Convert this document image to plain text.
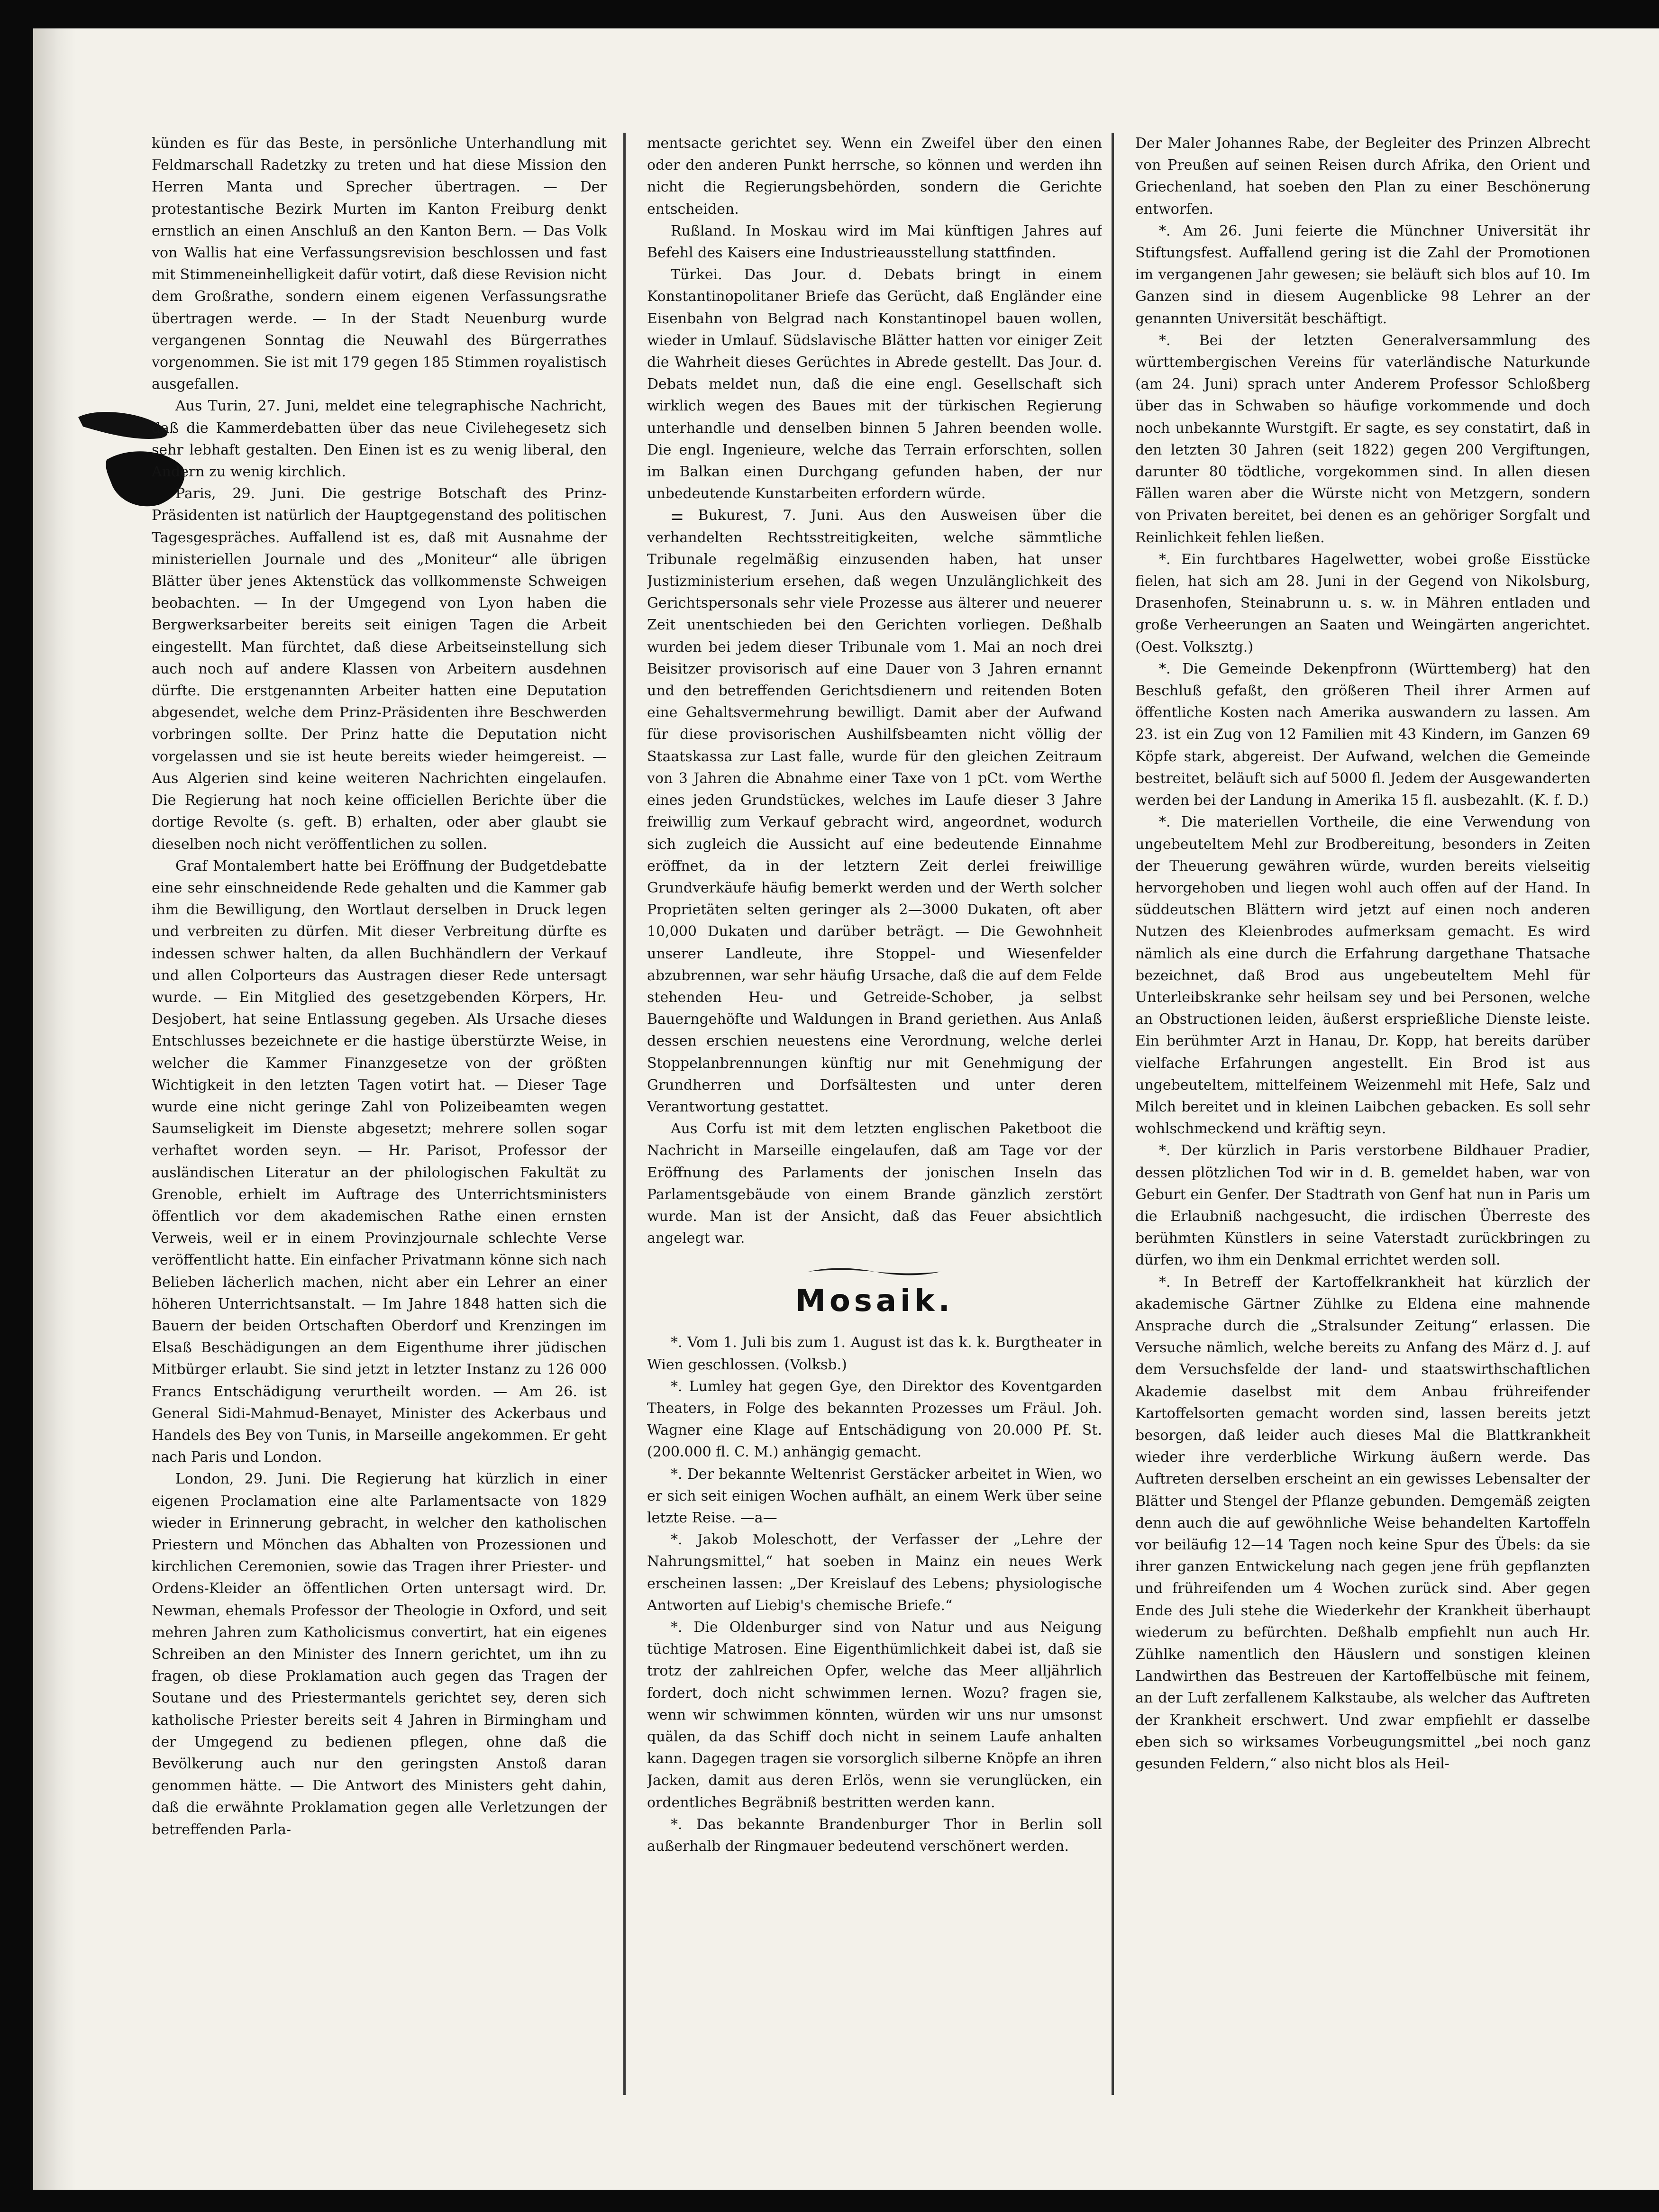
künden es für das Beste, in persönliche Unterhandlung mit Feldmarschall Radetzky zu treten und hat diese Mission den Herren Manta und Sprecher übertragen. — Der protestantische Bezirk Murten im Kanton Freiburg denkt ernstlich an einen Anschluß an den Kanton Bern. — Das Volk von Wallis hat eine Verfassungsrevision beschlossen und fast mit Stimmeneinhelligkeit dafür votirt, daß diese Revision nicht dem Großrathe, sondern einem eigenen Verfassungsrathe übertragen werde. — In der Stadt Neuenburg wurde vergangenen Sonntag die Neuwahl des Bürgerrathes vorgenommen. Sie ist mit 179 gegen 185 Stimmen royalistisch ausgefallen.

Aus Turin, 27. Juni, meldet eine telegraphische Nachricht, daß die Kammerdebatten über das neue Civilehegesetz sich sehr lebhaft gestalten. Den Einen ist es zu wenig liberal, den Andern zu wenig kirchlich.

Paris, 29. Juni. Die gestrige Botschaft des Prinz-Präsidenten ist natürlich der Hauptgegenstand des politischen Tagesgespräches. Auffallend ist es, daß mit Ausnahme der ministeriellen Journale und des „Moniteur“ alle übrigen Blätter über jenes Aktenstück das vollkommenste Schweigen beobachten. — In der Umgegend von Lyon haben die Bergwerksarbeiter bereits seit einigen Tagen die Arbeit eingestellt. Man fürchtet, daß diese Arbeitseinstellung sich auch noch auf andere Klassen von Arbeitern ausdehnen dürfte. Die erstgenannten Arbeiter hatten eine Deputation abgesendet, welche dem Prinz-Präsidenten ihre Beschwerden vorbringen sollte. Der Prinz hatte die Deputation nicht vorgelassen und sie ist heute bereits wieder heimgereist. — Aus Algerien sind keine weiteren Nachrichten eingelaufen. Die Regierung hat noch keine officiellen Berichte über die dortige Revolte (s. geft. B) erhalten, oder aber glaubt sie dieselben noch nicht veröffentlichen zu sollen.

Graf Montalembert hatte bei Eröffnung der Budgetdebatte eine sehr einschneidende Rede gehalten und die Kammer gab ihm die Bewilligung, den Wortlaut derselben in Druck legen und verbreiten zu dürfen. Mit dieser Verbreitung dürfte es indessen schwer halten, da allen Buchhändlern der Verkauf und allen Colporteurs das Austragen dieser Rede untersagt wurde. — Ein Mitglied des gesetzgebenden Körpers, Hr. Desjobert, hat seine Entlassung gegeben. Als Ursache dieses Entschlusses bezeichnete er die hastige überstürzte Weise, in welcher die Kammer Finanzgesetze von der größten Wichtigkeit in den letzten Tagen votirt hat. — Dieser Tage wurde eine nicht geringe Zahl von Polizeibeamten wegen Saumseligkeit im Dienste abgesetzt; mehrere sollen sogar verhaftet worden seyn. — Hr. Parisot, Professor der ausländischen Literatur an der philologischen Fakultät zu Grenoble, erhielt im Auftrage des Unterrichtsministers öffentlich vor dem akademischen Rathe einen ernsten Verweis, weil er in einem Provinzjournale schlechte Verse veröffentlicht hatte. Ein einfacher Privatmann könne sich nach Belieben lächerlich machen, nicht aber ein Lehrer an einer höheren Unterrichtsanstalt. — Im Jahre 1848 hatten sich die Bauern der beiden Ortschaften Oberdorf und Krenzingen im Elsaß Beschädigungen an dem Eigenthume ihrer jüdischen Mitbürger erlaubt. Sie sind jetzt in letzter Instanz zu 126 000 Francs Entschädigung verurtheilt worden. — Am 26. ist General Sidi-Mahmud-Benayet, Minister des Ackerbaus und Handels des Bey von Tunis, in Marseille angekommen. Er geht nach Paris und London.

London, 29. Juni. Die Regierung hat kürzlich in einer eigenen Proclamation eine alte Parlamentsacte von 1829 wieder in Erinnerung gebracht, in welcher den katholischen Priestern und Mönchen das Abhalten von Prozessionen und kirchlichen Ceremonien, sowie das Tragen ihrer Priester- und Ordens-Kleider an öffentlichen Orten untersagt wird. Dr. Newman, ehemals Professor der Theologie in Oxford, und seit mehren Jahren zum Katholicismus convertirt, hat ein eigenes Schreiben an den Minister des Innern gerichtet, um ihn zu fragen, ob diese Proklamation auch gegen das Tragen der Soutane und des Priestermantels gerichtet sey, deren sich katholische Priester bereits seit 4 Jahren in Birmingham und der Umgegend zu bedienen pflegen, ohne daß die Bevölkerung auch nur den geringsten Anstoß daran genommen hätte. — Die Antwort des Ministers geht dahin, daß die erwähnte Proklamation gegen alle Verletzungen der betreffenden Parla-

mentsacte gerichtet sey. Wenn ein Zweifel über den einen oder den anderen Punkt herrsche, so können und werden ihn nicht die Regierungsbehörden, sondern die Gerichte entscheiden.

Rußland. In Moskau wird im Mai künftigen Jahres auf Befehl des Kaisers eine Industrieausstellung stattfinden.

Türkei. Das Jour. d. Debats bringt in einem Konstantinopolitaner Briefe das Gerücht, daß Engländer eine Eisenbahn von Belgrad nach Konstantinopel bauen wollen, wieder in Umlauf. Südslavische Blätter hatten vor einiger Zeit die Wahrheit dieses Gerüchtes in Abrede gestellt. Das Jour. d. Debats meldet nun, daß die eine engl. Gesellschaft sich wirklich wegen des Baues mit der türkischen Regierung unterhandle und denselben binnen 5 Jahren beenden wolle. Die engl. Ingenieure, welche das Terrain erforschten, sollen im Balkan einen Durchgang gefunden haben, der nur unbedeutende Kunstarbeiten erfordern würde.

⚌ Bukurest, 7. Juni. Aus den Ausweisen über die verhandelten Rechtsstreitigkeiten, welche sämmtliche Tribunale regelmäßig einzusenden haben, hat unser Justizministerium ersehen, daß wegen Unzulänglichkeit des Gerichtspersonals sehr viele Prozesse aus älterer und neuerer Zeit unentschieden bei den Gerichten vorliegen. Deßhalb wurden bei jedem dieser Tribunale vom 1. Mai an noch drei Beisitzer provisorisch auf eine Dauer von 3 Jahren ernannt und den betreffenden Gerichtsdienern und reitenden Boten eine Gehaltsvermehrung bewilligt. Damit aber der Aufwand für diese provisorischen Aushilfsbeamten nicht völlig der Staatskassa zur Last falle, wurde für den gleichen Zeitraum von 3 Jahren die Abnahme einer Taxe von 1 pCt. vom Werthe eines jeden Grundstückes, welches im Laufe dieser 3 Jahre freiwillig zum Verkauf gebracht wird, angeordnet, wodurch sich zugleich die Aussicht auf eine bedeutende Einnahme eröffnet, da in der letztern Zeit derlei freiwillige Grundverkäufe häufig bemerkt werden und der Werth solcher Proprietäten selten geringer als 2—3000 Dukaten, oft aber 10,000 Dukaten und darüber beträgt. — Die Gewohnheit unserer Landleute, ihre Stoppel- und Wiesenfelder abzubrennen, war sehr häufig Ursache, daß die auf dem Felde stehenden Heu- und Getreide-Schober, ja selbst Bauerngehöfte und Waldungen in Brand geriethen. Aus Anlaß dessen erschien neuestens eine Verordnung, welche derlei Stoppelanbrennungen künftig nur mit Genehmigung der Grundherren und Dorfsältesten und unter deren Verantwortung gestattet.

Aus Corfu ist mit dem letzten englischen Paketboot die Nachricht in Marseille eingelaufen, daß am Tage vor der Eröffnung des Parlaments der jonischen Inseln das Parlamentsgebäude von einem Brande gänzlich zerstört wurde. Man ist der Ansicht, daß das Feuer absichtlich angelegt war.

Mosaik.

*. Vom 1. Juli bis zum 1. August ist das k. k. Burgtheater in Wien geschlossen. (Volksb.)

*. Lumley hat gegen Gye, den Direktor des Koventgarden Theaters, in Folge des bekannten Prozesses um Fräul. Joh. Wagner eine Klage auf Entschädigung von 20.000 Pf. St. (200.000 fl. C. M.) anhängig gemacht.

*. Der bekannte Weltenrist Gerstäcker arbeitet in Wien, wo er sich seit einigen Wochen aufhält, an einem Werk über seine letzte Reise. —a—

*. Jakob Moleschott, der Verfasser der „Lehre der Nahrungsmittel,“ hat soeben in Mainz ein neues Werk erscheinen lassen: „Der Kreislauf des Lebens; physiologische Antworten auf Liebig's chemische Briefe.“

*. Die Oldenburger sind von Natur und aus Neigung tüchtige Matrosen. Eine Eigenthümlichkeit dabei ist, daß sie trotz der zahlreichen Opfer, welche das Meer alljährlich fordert, doch nicht schwimmen lernen. Wozu? fragen sie, wenn wir schwimmen könnten, würden wir uns nur umsonst quälen, da das Schiff doch nicht in seinem Laufe anhalten kann. Dagegen tragen sie vorsorglich silberne Knöpfe an ihren Jacken, damit aus deren Erlös, wenn sie verunglücken, ein ordentliches Begräbniß bestritten werden kann.

*. Das bekannte Brandenburger Thor in Berlin soll außerhalb der Ringmauer bedeutend verschönert werden.

Der Maler Johannes Rabe, der Begleiter des Prinzen Albrecht von Preußen auf seinen Reisen durch Afrika, den Orient und Griechenland, hat soeben den Plan zu einer Beschönerung entworfen.

*. Am 26. Juni feierte die Münchner Universität ihr Stiftungsfest. Auffallend gering ist die Zahl der Promotionen im vergangenen Jahr gewesen; sie beläuft sich blos auf 10. Im Ganzen sind in diesem Augenblicke 98 Lehrer an der genannten Universität beschäftigt.

*. Bei der letzten Generalversammlung des württembergischen Vereins für vaterländische Naturkunde (am 24. Juni) sprach unter Anderem Professor Schloßberg über das in Schwaben so häufige vorkommende und doch noch unbekannte Wurstgift. Er sagte, es sey constatirt, daß in den letzten 30 Jahren (seit 1822) gegen 200 Vergiftungen, darunter 80 tödtliche, vorgekommen sind. In allen diesen Fällen waren aber die Würste nicht von Metzgern, sondern von Privaten bereitet, bei denen es an gehöriger Sorgfalt und Reinlichkeit fehlen ließen.

*. Ein furchtbares Hagelwetter, wobei große Eisstücke fielen, hat sich am 28. Juni in der Gegend von Nikolsburg, Drasenhofen, Steinabrunn u. s. w. in Mähren entladen und große Verheerungen an Saaten und Weingärten angerichtet. (Oest. Volksztg.)

*. Die Gemeinde Dekenpfronn (Württemberg) hat den Beschluß gefaßt, den größeren Theil ihrer Armen auf öffentliche Kosten nach Amerika auswandern zu lassen. Am 23. ist ein Zug von 12 Familien mit 43 Kindern, im Ganzen 69 Köpfe stark, abgereist. Der Aufwand, welchen die Gemeinde bestreitet, beläuft sich auf 5000 fl. Jedem der Ausgewanderten werden bei der Landung in Amerika 15 fl. ausbezahlt. (K. f. D.)

*. Die materiellen Vortheile, die eine Verwendung von ungebeuteltem Mehl zur Brodbereitung, besonders in Zeiten der Theuerung gewähren würde, wurden bereits vielseitig hervorgehoben und liegen wohl auch offen auf der Hand. In süddeutschen Blättern wird jetzt auf einen noch anderen Nutzen des Kleienbrodes aufmerksam gemacht. Es wird nämlich als eine durch die Erfahrung dargethane Thatsache bezeichnet, daß Brod aus ungebeuteltem Mehl für Unterleibskranke sehr heilsam sey und bei Personen, welche an Obstructionen leiden, äußerst ersprießliche Dienste leiste. Ein berühmter Arzt in Hanau, Dr. Kopp, hat bereits darüber vielfache Erfahrungen angestellt. Ein Brod ist aus ungebeuteltem, mittelfeinem Weizenmehl mit Hefe, Salz und Milch bereitet und in kleinen Laibchen gebacken. Es soll sehr wohlschmeckend und kräftig seyn.

*. Der kürzlich in Paris verstorbene Bildhauer Pradier, dessen plötzlichen Tod wir in d. B. gemeldet haben, war von Geburt ein Genfer. Der Stadtrath von Genf hat nun in Paris um die Erlaubniß nachgesucht, die irdischen Überreste des berühmten Künstlers in seine Vaterstadt zurückbringen zu dürfen, wo ihm ein Denkmal errichtet werden soll.

*. In Betreff der Kartoffelkrankheit hat kürzlich der akademische Gärtner Zühlke zu Eldena eine mahnende Ansprache durch die „Stralsunder Zeitung“ erlassen. Die Versuche nämlich, welche bereits zu Anfang des März d. J. auf dem Versuchsfelde der land- und staatswirthschaftlichen Akademie daselbst mit dem Anbau frühreifender Kartoffelsorten gemacht worden sind, lassen bereits jetzt besorgen, daß leider auch dieses Mal die Blattkrankheit wieder ihre verderbliche Wirkung äußern werde. Das Auftreten derselben erscheint an ein gewisses Lebensalter der Blätter und Stengel der Pflanze gebunden. Demgemäß zeigten denn auch die auf gewöhnliche Weise behandelten Kartoffeln vor beiläufig 12—14 Tagen noch keine Spur des Übels: da sie ihrer ganzen Entwickelung nach gegen jene früh gepflanzten und frühreifenden um 4 Wochen zurück sind. Aber gegen Ende des Juli stehe die Wiederkehr der Krankheit überhaupt wiederum zu befürchten. Deßhalb empfiehlt nun auch Hr. Zühlke namentlich den Häuslern und sonstigen kleinen Landwirthen das Bestreuen der Kartoffelbüsche mit feinem, an der Luft zerfallenem Kalkstaube, als welcher das Auftreten der Krankheit erschwert. Und zwar empfiehlt er dasselbe eben sich so wirksames Vorbeugungsmittel „bei noch ganz gesunden Feldern,“ also nicht blos als Heil-
